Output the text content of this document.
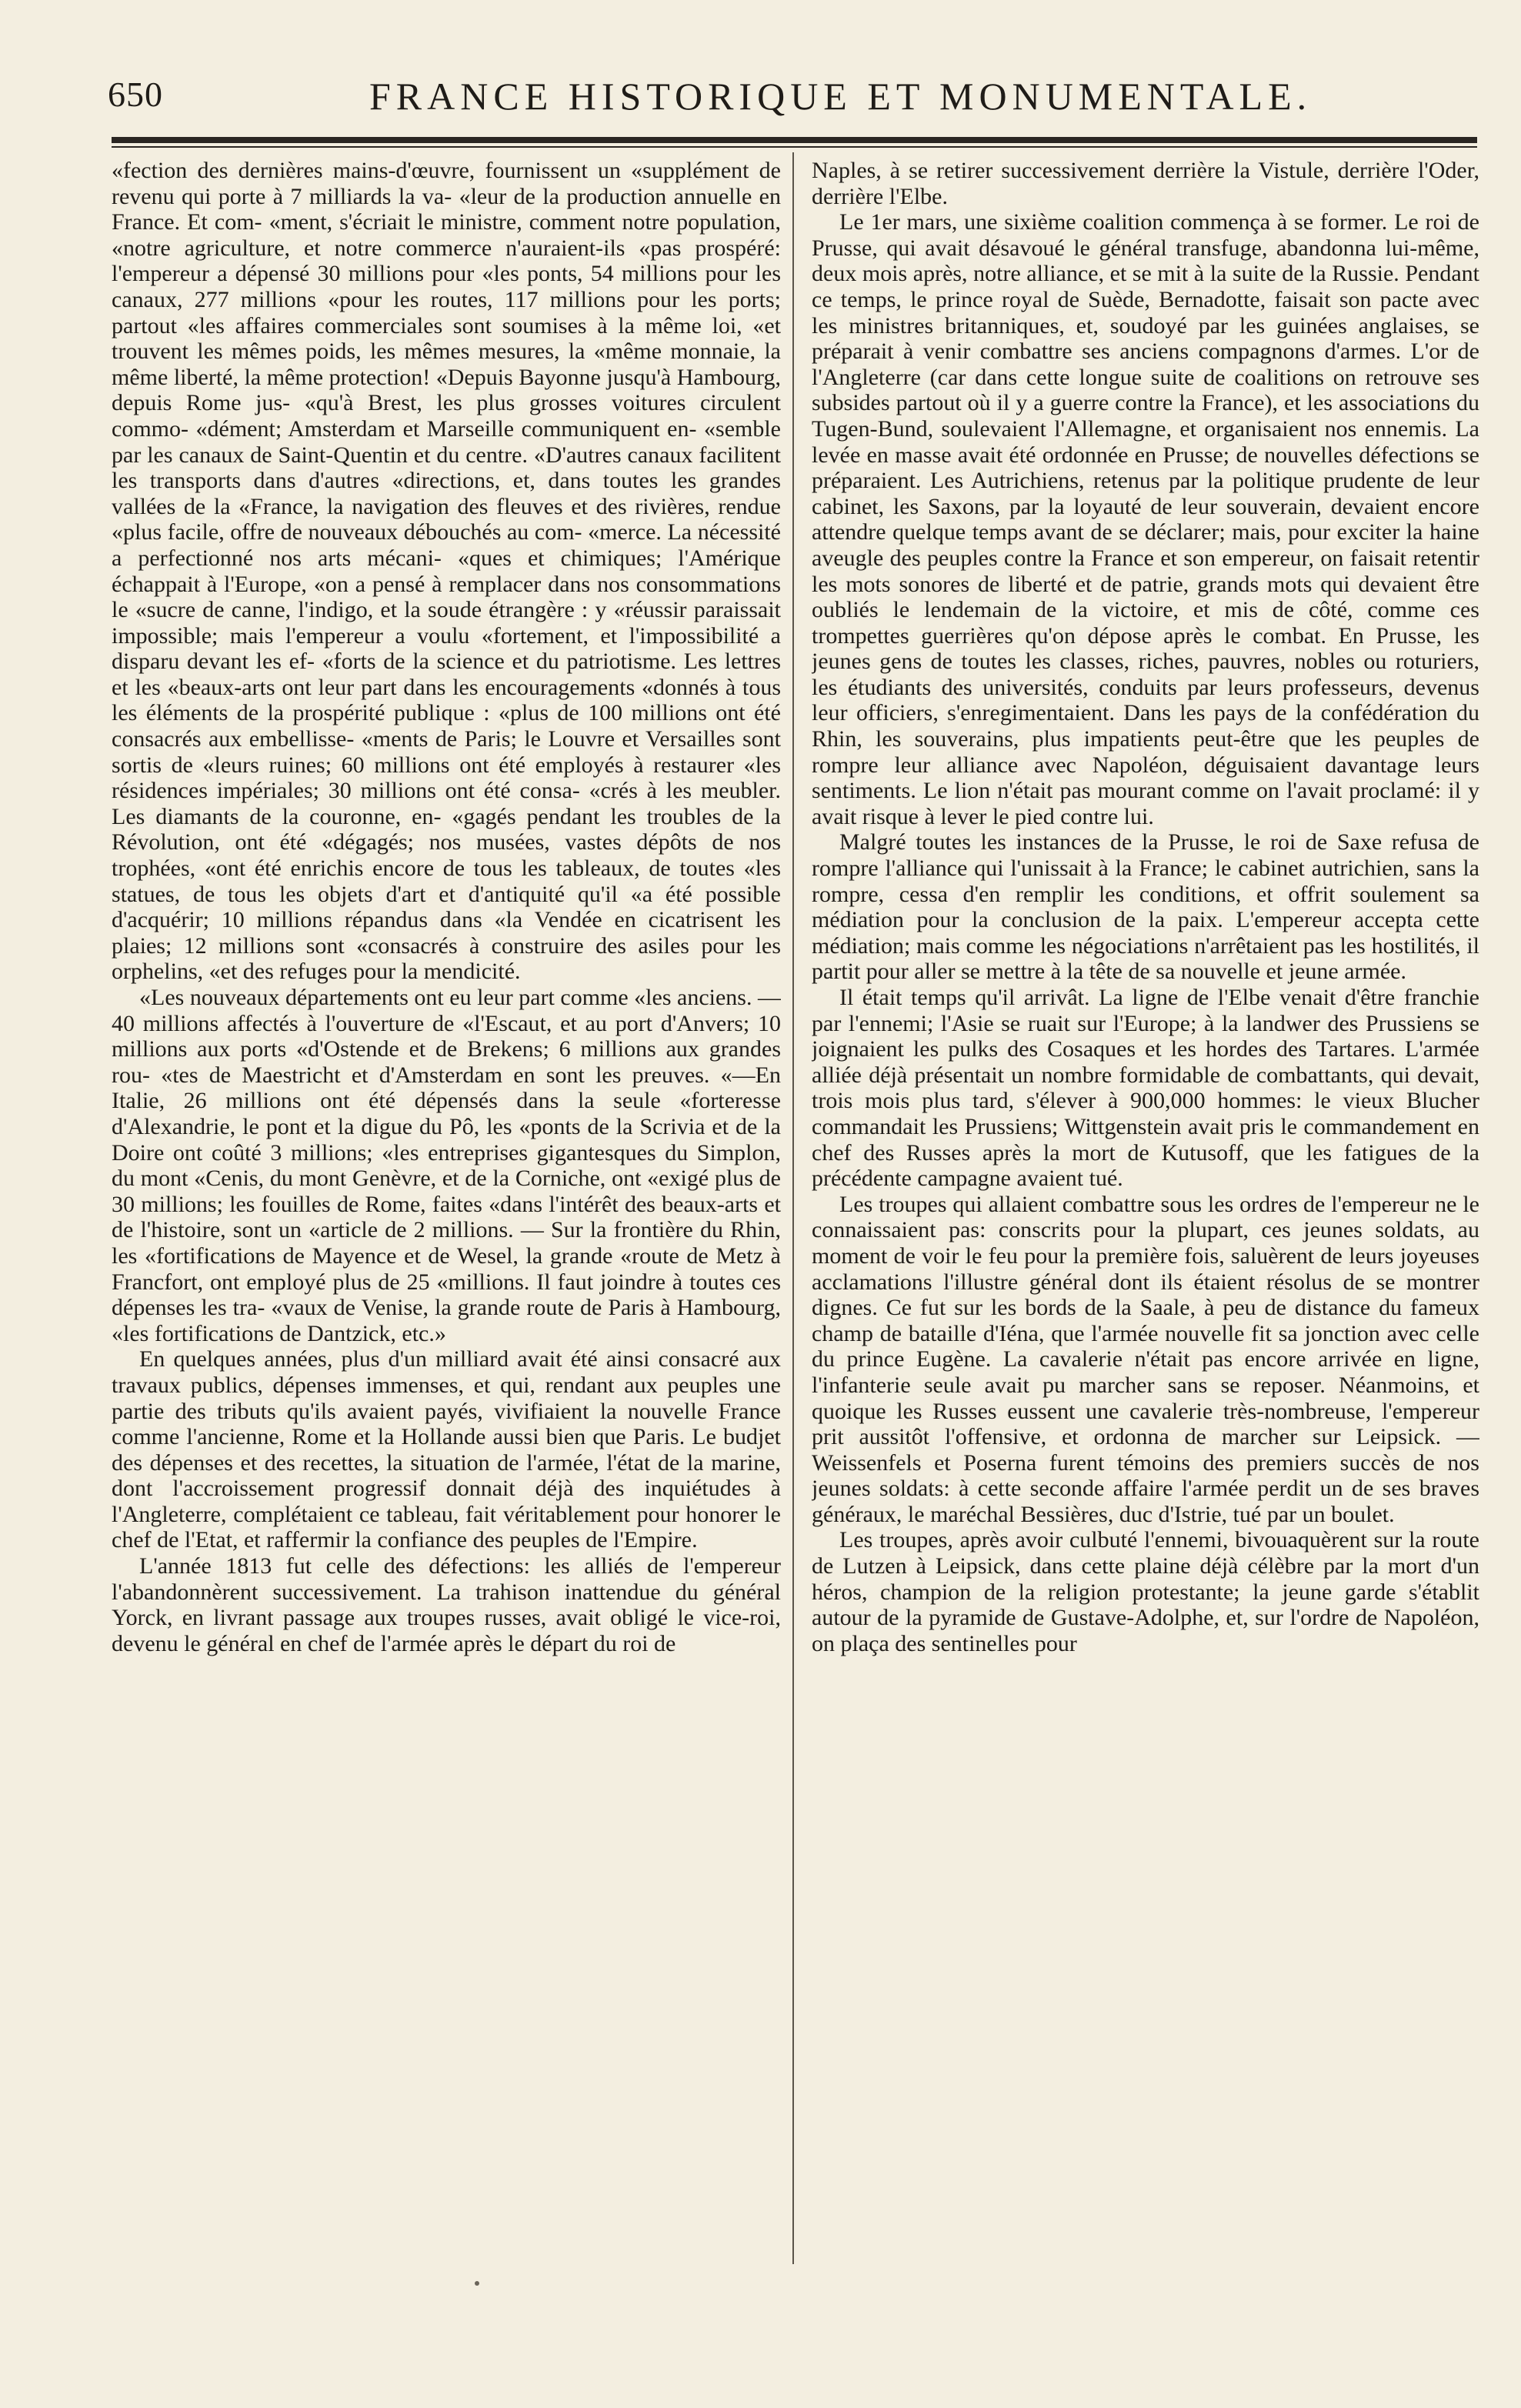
650	FRANCE HISTORIQUE ET MONUMENTALE.

«fection des dernières mains-d'œuvre, fournissent un «supplément de revenu qui porte à 7 milliards la va- «leur de la production annuelle en France. Et com- «ment, s'écriait le ministre, comment notre population, «notre agriculture, et notre commerce n'auraient-ils «pas prospéré: l'empereur a dépensé 30 millions pour «les ponts, 54 millions pour les canaux, 277 millions «pour les routes, 117 millions pour les ports; partout «les affaires commerciales sont soumises à la même loi, «et trouvent les mêmes poids, les mêmes mesures, la «même monnaie, la même liberté, la même protection! «Depuis Bayonne jusqu'à Hambourg, depuis Rome jus- «qu'à Brest, les plus grosses voitures circulent commo- «dément; Amsterdam et Marseille communiquent en- «semble par les canaux de Saint-Quentin et du centre. «D'autres canaux facilitent les transports dans d'autres «directions, et, dans toutes les grandes vallées de la «France, la navigation des fleuves et des rivières, rendue «plus facile, offre de nouveaux débouchés au com- «merce. La nécessité a perfectionné nos arts mécani- «ques et chimiques; l'Amérique échappait à l'Europe, «on a pensé à remplacer dans nos consommations le «sucre de canne, l'indigo, et la soude étrangère : y «réussir paraissait impossible; mais l'empereur a voulu «fortement, et l'impossibilité a disparu devant les ef- «forts de la science et du patriotisme. Les lettres et les «beaux-arts ont leur part dans les encouragements «donnés à tous les éléments de la prospérité publique : «plus de 100 millions ont été consacrés aux embellisse- «ments de Paris; le Louvre et Versailles sont sortis de «leurs ruines; 60 millions ont été employés à restaurer «les résidences impériales; 30 millions ont été consa- «crés à les meubler. Les diamants de la couronne, en- «gagés pendant les troubles de la Révolution, ont été «dégagés; nos musées, vastes dépôts de nos trophées, «ont été enrichis encore de tous les tableaux, de toutes «les statues, de tous les objets d'art et d'antiquité qu'il «a été possible d'acquérir; 10 millions répandus dans «la Vendée en cicatrisent les plaies; 12 millions sont «consacrés à construire des asiles pour les orphelins, «et des refuges pour la mendicité.

«Les nouveaux départements ont eu leur part comme «les anciens. — 40 millions affectés à l'ouverture de «l'Escaut, et au port d'Anvers; 10 millions aux ports «d'Ostende et de Brekens; 6 millions aux grandes rou- «tes de Maestricht et d'Amsterdam en sont les preuves. «—En Italie, 26 millions ont été dépensés dans la seule «forteresse d'Alexandrie, le pont et la digue du Pô, les «ponts de la Scrivia et de la Doire ont coûté 3 millions; «les entreprises gigantesques du Simplon, du mont «Cenis, du mont Genèvre, et de la Corniche, ont «exigé plus de 30 millions; les fouilles de Rome, faites «dans l'intérêt des beaux-arts et de l'histoire, sont un «article de 2 millions. — Sur la frontière du Rhin, les «fortifications de Mayence et de Wesel, la grande «route de Metz à Francfort, ont employé plus de 25 «millions. Il faut joindre à toutes ces dépenses les tra- «vaux de Venise, la grande route de Paris à Hambourg, «les fortifications de Dantzick, etc.»

En quelques années, plus d'un milliard avait été ainsi consacré aux travaux publics, dépenses immenses, et qui, rendant aux peuples une partie des tributs qu'ils avaient payés, vivifiaient la nouvelle France comme l'ancienne, Rome et la Hollande aussi bien que Paris. Le budjet des dépenses et des recettes, la situation de l'armée, l'état de la marine, dont l'accroissement progressif donnait déjà des inquiétudes à l'Angleterre, complétaient ce tableau, fait véritablement pour honorer le chef de l'Etat, et raffermir la confiance des peuples de l'Empire.

L'année 1813 fut celle des défections: les alliés de l'empereur l'abandonnèrent successivement. La trahison inattendue du général Yorck, en livrant passage aux troupes russes, avait obligé le vice-roi, devenu le général en chef de l'armée après le départ du roi de

Naples, à se retirer successivement derrière la Vistule, derrière l'Oder, derrière l'Elbe.

Le 1er mars, une sixième coalition commença à se former. Le roi de Prusse, qui avait désavoué le général transfuge, abandonna lui-même, deux mois après, notre alliance, et se mit à la suite de la Russie. Pendant ce temps, le prince royal de Suède, Bernadotte, faisait son pacte avec les ministres britanniques, et, soudoyé par les guinées anglaises, se préparait à venir combattre ses anciens compagnons d'armes. L'or de l'Angleterre (car dans cette longue suite de coalitions on retrouve ses subsides partout où il y a guerre contre la France), et les associations du Tugen-Bund, soulevaient l'Allemagne, et organisaient nos ennemis. La levée en masse avait été ordonnée en Prusse; de nouvelles défections se préparaient. Les Autrichiens, retenus par la politique prudente de leur cabinet, les Saxons, par la loyauté de leur souverain, devaient encore attendre quelque temps avant de se déclarer; mais, pour exciter la haine aveugle des peuples contre la France et son empereur, on faisait retentir les mots sonores de liberté et de patrie, grands mots qui devaient être oubliés le lendemain de la victoire, et mis de côté, comme ces trompettes guerrières qu'on dépose après le combat. En Prusse, les jeunes gens de toutes les classes, riches, pauvres, nobles ou roturiers, les étudiants des universités, conduits par leurs professeurs, devenus leur officiers, s'enregimentaient. Dans les pays de la confédération du Rhin, les souverains, plus impatients peut-être que les peuples de rompre leur alliance avec Napoléon, déguisaient davantage leurs sentiments. Le lion n'était pas mourant comme on l'avait proclamé: il y avait risque à lever le pied contre lui.

Malgré toutes les instances de la Prusse, le roi de Saxe refusa de rompre l'alliance qui l'unissait à la France; le cabinet autrichien, sans la rompre, cessa d'en remplir les conditions, et offrit soulement sa médiation pour la conclusion de la paix. L'empereur accepta cette médiation; mais comme les négociations n'arrêtaient pas les hostilités, il partit pour aller se mettre à la tête de sa nouvelle et jeune armée.

Il était temps qu'il arrivât. La ligne de l'Elbe venait d'être franchie par l'ennemi; l'Asie se ruait sur l'Europe; à la landwer des Prussiens se joignaient les pulks des Cosaques et les hordes des Tartares. L'armée alliée déjà présentait un nombre formidable de combattants, qui devait, trois mois plus tard, s'élever à 900,000 hommes: le vieux Blucher commandait les Prussiens; Wittgenstein avait pris le commandement en chef des Russes après la mort de Kutusoff, que les fatigues de la précédente campagne avaient tué.

Les troupes qui allaient combattre sous les ordres de l'empereur ne le connaissaient pas: conscrits pour la plupart, ces jeunes soldats, au moment de voir le feu pour la première fois, saluèrent de leurs joyeuses acclamations l'illustre général dont ils étaient résolus de se montrer dignes. Ce fut sur les bords de la Saale, à peu de distance du fameux champ de bataille d'Iéna, que l'armée nouvelle fit sa jonction avec celle du prince Eugène. La cavalerie n'était pas encore arrivée en ligne, l'infanterie seule avait pu marcher sans se reposer. Néanmoins, et quoique les Russes eussent une cavalerie très-nombreuse, l'empereur prit aussitôt l'offensive, et ordonna de marcher sur Leipsick. — Weissenfels et Poserna furent témoins des premiers succès de nos jeunes soldats: à cette seconde affaire l'armée perdit un de ses braves généraux, le maréchal Bessières, duc d'Istrie, tué par un boulet.

Les troupes, après avoir culbuté l'ennemi, bivouaquèrent sur la route de Lutzen à Leipsick, dans cette plaine déjà célèbre par la mort d'un héros, champion de la religion protestante; la jeune garde s'établit autour de la pyramide de Gustave-Adolphe, et, sur l'ordre de Napoléon, on plaça des sentinelles pour
